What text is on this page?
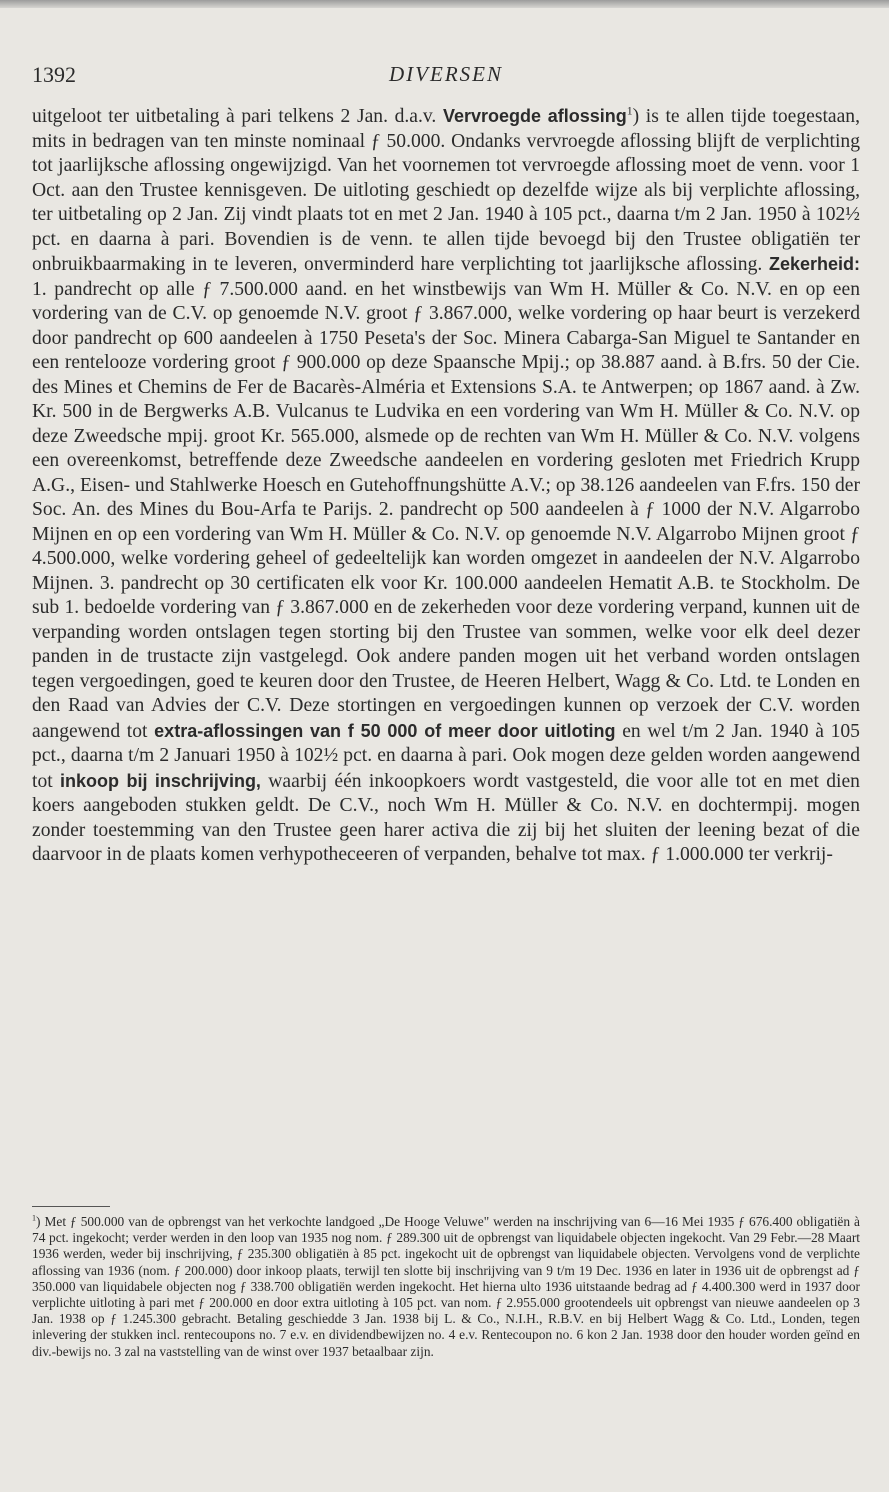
1392	DIVERSEN

uitgeloot ter uitbetaling à pari telkens 2 Jan. d.a.v. Vervroegde aflossing$^1$) is te allen tijde toegestaan, mits in bedragen van ten minste nominaal ƒ 50.000. Ondanks vervroegde aflossing blijft de verplichting tot jaarlijksche aflossing ongewijzigd. Van het voornemen tot vervroegde aflossing moet de venn. voor 1 Oct. aan den Trustee kennisgeven. De uitloting geschiedt op dezelfde wijze als bij verplichte aflossing, ter uitbetaling op 2 Jan. Zij vindt plaats tot en met 2 Jan. 1940 à 105 pct., daarna t/m 2 Jan. 1950 à 102½ pct. en daarna à pari. Bovendien is de venn. te allen tijde bevoegd bij den Trustee obligatiën ter onbruikbaarmaking in te leveren, onverminderd hare verplichting tot jaarlijksche aflossing. Zekerheid: 1. pandrecht op alle ƒ 7.500.000 aand. en het winstbewijs van Wm H. Müller & Co. N.V. en op een vordering van de C.V. op genoemde N.V. groot ƒ 3.867.000, welke vordering op haar beurt is verzekerd door pandrecht op 600 aandeelen à 1750 Peseta's der Soc. Minera Cabarga-San Miguel te Santander en een rentelooze vordering groot ƒ 900.000 op deze Spaansche Mpij.; op 38.887 aand. à B.frs. 50 der Cie. des Mines et Chemins de Fer de Bacarès-Alméria et Extensions S.A. te Antwerpen; op 1867 aand. à Zw. Kr. 500 in de Bergwerks A.B. Vulcanus te Ludvika en een vordering van Wm H. Müller & Co. N.V. op deze Zweedsche mpij. groot Kr. 565.000, alsmede op de rechten van Wm H. Müller & Co. N.V. volgens een overeenkomst, betreffende deze Zweedsche aandeelen en vordering gesloten met Friedrich Krupp A.G., Eisen- und Stahlwerke Hoesch en Gutehoffnungshütte A.V.; op 38.126 aandeelen van F.frs. 150 der Soc. An. des Mines du Bou-Arfa te Parijs. 2. pandrecht op 500 aandeelen à ƒ 1000 der N.V. Algarrobo Mijnen en op een vordering van Wm H. Müller & Co. N.V. op genoemde N.V. Algarrobo Mijnen groot ƒ 4.500.000, welke vordering geheel of gedeeltelijk kan worden omgezet in aandeelen der N.V. Algarrobo Mijnen. 3. pandrecht op 30 certificaten elk voor Kr. 100.000 aandeelen Hematit A.B. te Stockholm. De sub 1. bedoelde vordering van ƒ 3.867.000 en de zekerheden voor deze vordering verpand, kunnen uit de verpanding worden ontslagen tegen storting bij den Trustee van sommen, welke voor elk deel dezer panden in de trustacte zijn vastgelegd. Ook andere panden mogen uit het verband worden ontslagen tegen vergoedingen, goed te keuren door den Trustee, de Heeren Helbert, Wagg & Co. Ltd. te Londen en den Raad van Advies der C.V. Deze stortingen en vergoedingen kunnen op verzoek der C.V. worden aangewend tot extra-aflossingen van f 50 000 of meer door uitloting en wel t/m 2 Jan. 1940 à 105 pct., daarna t/m 2 Januari 1950 à 102½ pct. en daarna à pari. Ook mogen deze gelden worden aangewend tot inkoop bij inschrijving, waarbij één inkoopkoers wordt vastgesteld, die voor alle tot en met dien koers aangeboden stukken geldt. De C.V., noch Wm H. Müller & Co. N.V. en dochtermpij. mogen zonder toestemming van den Trustee geen harer activa die zij bij het sluiten der leening bezat of die daarvoor in de plaats komen verhypotheceeren of verpanden, behalve tot max. ƒ 1.000.000 ter verkrij-

$^1$) Met ƒ 500.000 van de opbrengst van het verkochte landgoed „De Hooge Veluwe" werden na inschrijving van 6—16 Mei 1935 ƒ 676.400 obligatiën à 74 pct. ingekocht; verder werden in den loop van 1935 nog nom. ƒ 289.300 uit de opbrengst van liquidabele objecten ingekocht. Van 29 Febr.—28 Maart 1936 werden, weder bij inschrijving, ƒ 235.300 obligatiën à 85 pct. ingekocht uit de opbrengst van liquidabele objecten. Vervolgens vond de verplichte aflossing van 1936 (nom. ƒ 200.000) door inkoop plaats, terwijl ten slotte bij inschrijving van 9 t/m 19 Dec. 1936 en later in 1936 uit de opbrengst ad ƒ 350.000 van liquidabele objecten nog ƒ 338.700 obligatiën werden ingekocht. Het hierna ulto 1936 uitstaande bedrag ad ƒ 4.400.300 werd in 1937 door verplichte uitloting à pari met ƒ 200.000 en door extra uitloting à 105 pct. van nom. ƒ 2.955.000 grootendeels uit opbrengst van nieuwe aandeelen op 3 Jan. 1938 op ƒ 1.245.300 gebracht. Betaling geschiedde 3 Jan. 1938 bij L. & Co., N.I.H., R.B.V. en bij Helbert Wagg & Co. Ltd., Londen, tegen inlevering der stukken incl. rentecoupons no. 7 e.v. en dividendbewijzen no. 4 e.v. Rentecoupon no. 6 kon 2 Jan. 1938 door den houder worden geïnd en div.-bewijs no. 3 zal na vaststelling van de winst over 1937 betaalbaar zijn.
